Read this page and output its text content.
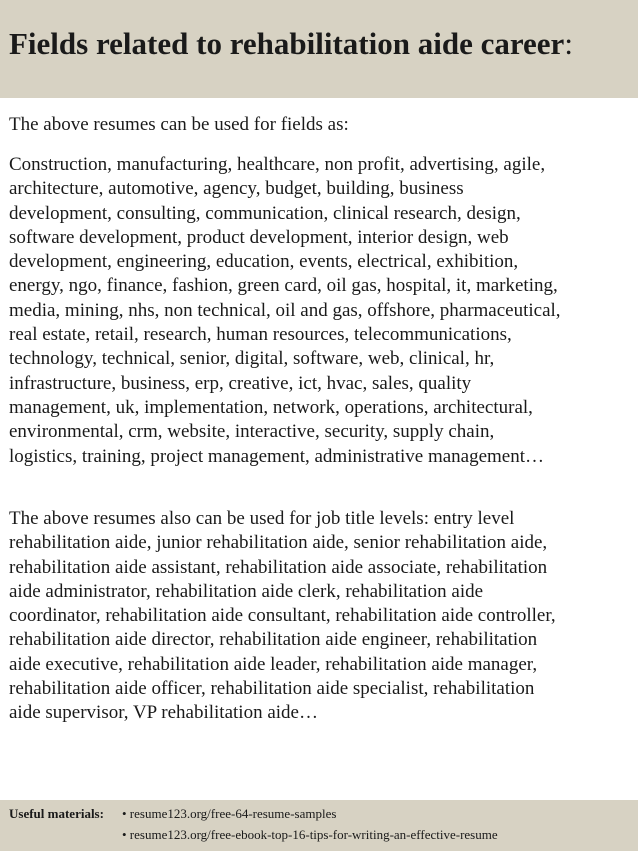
Fields related to rehabilitation aide career:

The above resumes can be used for fields as:

Construction, manufacturing, healthcare, non profit, advertising, agile,
architecture, automotive, agency, budget, building, business
development, consulting, communication, clinical research, design,
software development, product development, interior design, web
development, engineering, education, events, electrical, exhibition,
energy, ngo, finance, fashion, green card, oil gas, hospital, it, marketing,
media, mining, nhs, non technical, oil and gas, offshore, pharmaceutical,
real estate, retail, research, human resources, telecommunications,
technology, technical, senior, digital, software, web, clinical, hr,
infrastructure, business, erp, creative, ict, hvac, sales, quality
management, uk, implementation, network, operations, architectural,
environmental, crm, website, interactive, security, supply chain,
logistics, training, project management, administrative management…

The above resumes also can be used for job title levels: entry level
rehabilitation aide, junior rehabilitation aide, senior rehabilitation aide,
rehabilitation aide assistant, rehabilitation aide associate, rehabilitation
aide administrator, rehabilitation aide clerk, rehabilitation aide
coordinator, rehabilitation aide consultant, rehabilitation aide controller,
rehabilitation aide director, rehabilitation aide engineer, rehabilitation
aide executive, rehabilitation aide leader, rehabilitation aide manager,
rehabilitation aide officer, rehabilitation aide specialist, rehabilitation
aide supervisor, VP rehabilitation aide…

Useful materials: • resume123.org/free-64-resume-samples
• resume123.org/free-ebook-top-16-tips-for-writing-an-effective-resume
